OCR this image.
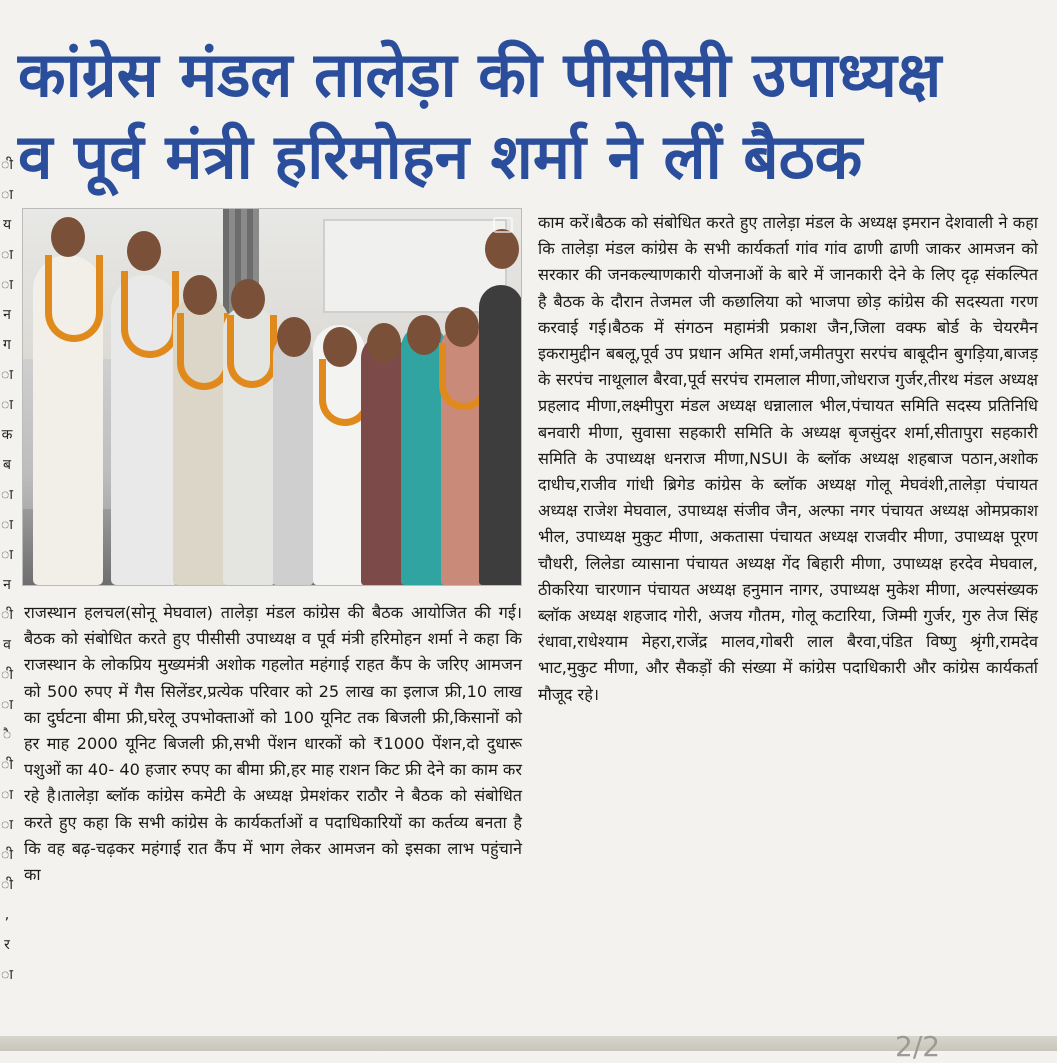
कांग्रेस मंडल तालेड़ा की पीसीसी उपाध्यक्ष
व पूर्व मंत्री हरिमोहन शर्मा ने लीं बैठक
ी
ा
य
ा
ा
न
ग
ा
ा
क
ब
ा
ा
ा
न
ी
व
ी
ा
ै
ी
ा
ा
ी
ी
,
र
ा

राजस्थान हलचल(सोनू मेघवाल) तालेड़ा मंडल कांग्रेस की बैठक आयोजित की गई।बैठक को संबोधित करते हुए पीसीसी उपाध्यक्ष व पूर्व मंत्री हरिमोहन शर्मा ने कहा कि राजस्थान के लोकप्रिय मुख्यमंत्री अशोक गहलोत महंगाई राहत कैंप के जरिए आमजन को 500 रुपए में गैस सिलेंडर,प्रत्येक परिवार को 25 लाख का इलाज फ्री,10 लाख का दुर्घटना बीमा फ्री,घरेलू उपभोक्ताओं को 100 यूनिट तक बिजली फ्री,किसानों को हर माह 2000 यूनिट बिजली फ्री,सभी पेंशन धारकों को ₹1000 पेंशन,दो दुधारू पशुओं का 40- 40 हजार रुपए का बीमा फ्री,हर माह राशन किट फ्री देने का काम कर रहे है।तालेड़ा ब्लॉक कांग्रेस कमेटी के अध्यक्ष प्रेमशंकर राठौर ने बैठक को संबोधित करते हुए कहा कि सभी कांग्रेस के कार्यकर्ताओं व पदाधिकारियों का कर्तव्य बनता है कि वह बढ़-चढ़कर महंगाई रात कैंप में भाग लेकर आमजन को इसका लाभ पहुंचाने का

काम करें।बैठक को संबोधित करते हुए तालेड़ा मंडल के अध्यक्ष इमरान देशवाली ने कहा कि तालेड़ा मंडल कांग्रेस के सभी कार्यकर्ता गांव गांव ढाणी ढाणी जाकर आमजन को सरकार की जनकल्याणकारी योजनाओं के बारे में जानकारी देने के लिए दृढ़ संकल्पित है बैठक के दौरान तेजमल जी कछालिया को भाजपा छोड़ कांग्रेस की सदस्यता गरण करवाई गई।बैठक में संगठन महामंत्री प्रकाश जैन,जिला वक्फ बोर्ड के चेयरमैन इकरामुद्दीन बबलू,पूर्व उप प्रधान अमित शर्मा,जमीतपुरा सरपंच बाबूदीन बुगड़िया,बाजड़ के सरपंच नाथूलाल बैरवा,पूर्व सरपंच रामलाल मीणा,जोधराज गुर्जर,तीरथ मंडल अध्यक्ष प्रहलाद मीणा,लक्ष्मीपुरा मंडल अध्यक्ष धन्नालाल भील,पंचायत समिति सदस्य प्रतिनिधि बनवारी मीणा, सुवासा सहकारी समिति के अध्यक्ष बृजसुंदर शर्मा,सीतापुरा सहकारी समिति के उपाध्यक्ष धनराज मीणा,NSUI के ब्लॉक अध्यक्ष शहबाज पठान,अशोक दाधीच,राजीव गांधी ब्रिगेड कांग्रेस के ब्लॉक अध्यक्ष गोलू मेघवंशी,तालेड़ा पंचायत अध्यक्ष राजेश मेघवाल, उपाध्यक्ष संजीव जैन, अल्फा नगर पंचायत अध्यक्ष ओमप्रकाश भील, उपाध्यक्ष मुकुट मीणा, अकतासा पंचायत अध्यक्ष राजवीर मीणा, उपाध्यक्ष पूरण चौधरी, लिलेडा व्यासाना पंचायत अध्यक्ष गेंद बिहारी मीणा, उपाध्यक्ष हरदेव मेघवाल, ठीकरिया चारणान पंचायत अध्यक्ष हनुमान नागर, उपाध्यक्ष मुकेश मीणा, अल्पसंख्यक ब्लॉक अध्यक्ष शहजाद गोरी, अजय गौतम, गोलू कटारिया, जिम्मी गुर्जर, गुरु तेज सिंह रंधावा,राधेश्याम मेहरा,राजेंद्र मालव,गोबरी लाल बैरवा,पंडित विष्णु श्रृंगी,रामदेव भाट,मुकुट मीणा, और सैकड़ों की संख्या में कांग्रेस पदाधिकारी और कांग्रेस कार्यकर्ता मौजूद रहे।

2/2
